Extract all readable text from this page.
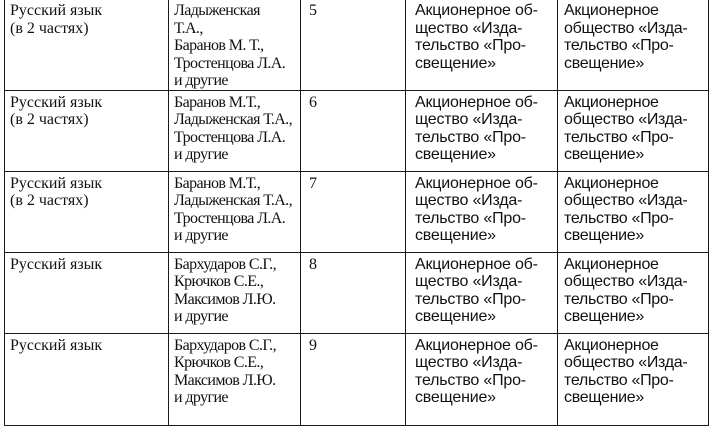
Русский язык
(в 2 частях)	Ладыженская
Т.А.,
Баранов М. Т.,
Тростенцова Л.А.
и другие	5	Акционерное об-
щество «Изда-
тельство «Про-
свещение»	Акционерное
общество «Изда-
тельство «Про-
свещение»

Русский язык
(в 2 частях)	Баранов М.Т.,
Ладыженская Т.А.,
Тростенцова Л.А.
и другие	6	Акционерное об-
щество «Изда-
тельство «Про-
свещение»	Акционерное
общество «Изда-
тельство «Про-
свещение»

Русский язык
(в 2 частях)	Баранов М.Т.,
Ладыженская Т.А.,
Тростенцова Л.А.
и другие	7	Акционерное об-
щество «Изда-
тельство «Про-
свещение»	Акционерное
общество «Изда-
тельство «Про-
свещение»

Русский язык	Бархударов С.Г.,
Крючков С.Е.,
Максимов Л.Ю.
и другие	8	Акционерное об-
щество «Изда-
тельство «Про-
свещение»	Акционерное
общество «Изда-
тельство «Про-
свещение»

Русский язык	Бархударов С.Г.,
Крючков С.Е.,
Максимов Л.Ю.
и другие	9	Акционерное об-
щество «Изда-
тельство «Про-
свещение»	Акционерное
общество «Изда-
тельство «Про-
свещение»
